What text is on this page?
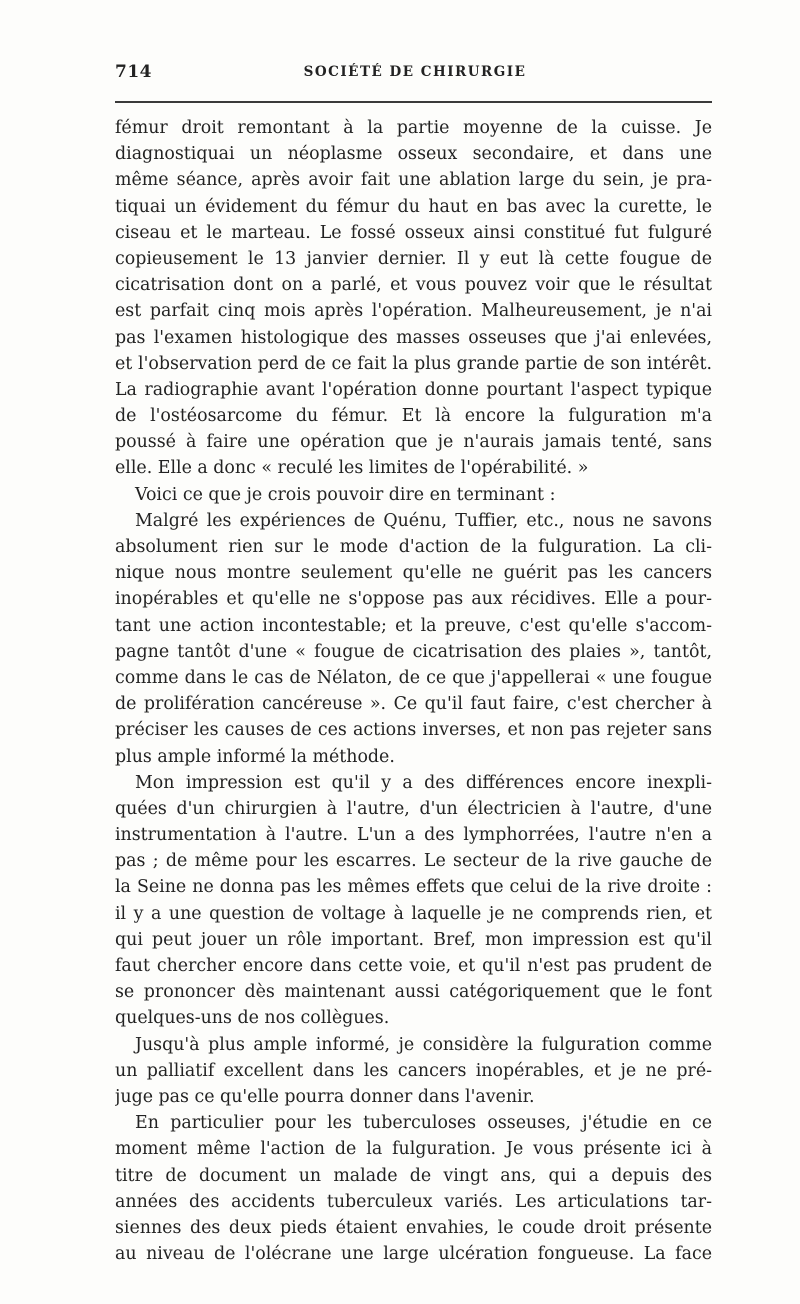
714	SOCIÉTÉ DE CHIRURGIE
fémur droit remontant à la partie moyenne de la cuisse. Je
diagnostiquai un néoplasme osseux secondaire, et dans une
même séance, après avoir fait une ablation large du sein, je pra-
tiquai un évidement du fémur du haut en bas avec la curette, le
ciseau et le marteau. Le fossé osseux ainsi constitué fut fulguré
copieusement le 13 janvier dernier. Il y eut là cette fougue de
cicatrisation dont on a parlé, et vous pouvez voir que le résultat
est parfait cinq mois après l'opération. Malheureusement, je n'ai
pas l'examen histologique des masses osseuses que j'ai enlevées,
et l'observation perd de ce fait la plus grande partie de son intérêt.
La radiographie avant l'opération donne pourtant l'aspect typique
de l'ostéosarcome du fémur. Et là encore la fulguration m'a
poussé à faire une opération que je n'aurais jamais tenté, sans
elle. Elle a donc « reculé les limites de l'opérabilité. »
Voici ce que je crois pouvoir dire en terminant :
Malgré les expériences de Quénu, Tuffier, etc., nous ne savons
absolument rien sur le mode d'action de la fulguration. La cli-
nique nous montre seulement qu'elle ne guérit pas les cancers
inopérables et qu'elle ne s'oppose pas aux récidives. Elle a pour-
tant une action incontestable; et la preuve, c'est qu'elle s'accom-
pagne tantôt d'une « fougue de cicatrisation des plaies », tantôt,
comme dans le cas de Nélaton, de ce que j'appellerai « une fougue
de prolifération cancéreuse ». Ce qu'il faut faire, c'est chercher à
préciser les causes de ces actions inverses, et non pas rejeter sans
plus ample informé la méthode.
Mon impression est qu'il y a des différences encore inexpli-
quées d'un chirurgien à l'autre, d'un électricien à l'autre, d'une
instrumentation à l'autre. L'un a des lymphorrées, l'autre n'en a
pas ; de même pour les escarres. Le secteur de la rive gauche de
la Seine ne donna pas les mêmes effets que celui de la rive droite :
il y a une question de voltage à laquelle je ne comprends rien, et
qui peut jouer un rôle important. Bref, mon impression est qu'il
faut chercher encore dans cette voie, et qu'il n'est pas prudent de
se prononcer dès maintenant aussi catégoriquement que le font
quelques-uns de nos collègues.
Jusqu'à plus ample informé, je considère la fulguration comme
un palliatif excellent dans les cancers inopérables, et je ne pré-
juge pas ce qu'elle pourra donner dans l'avenir.
En particulier pour les tuberculoses osseuses, j'étudie en ce
moment même l'action de la fulguration. Je vous présente ici à
titre de document un malade de vingt ans, qui a depuis des
années des accidents tuberculeux variés. Les articulations tar-
siennes des deux pieds étaient envahies, le coude droit présente
au niveau de l'olécrane une large ulcération fongueuse. La face
